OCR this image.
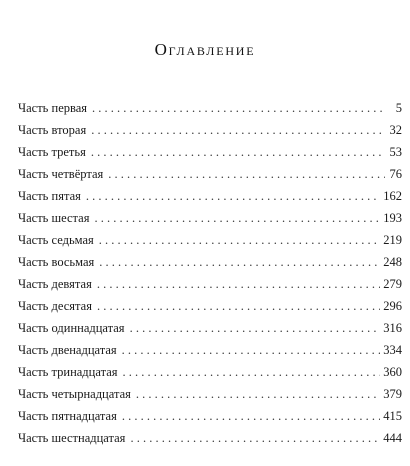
Оглавление
Часть первая . . .	5
Часть вторая . . .	32
Часть третья . . .	53
Часть четвёртая . . .	76
Часть пятая . . .	162
Часть шестая . . .	193
Часть седьмая . . .	219
Часть восьмая . . .	248
Часть девятая . . .	279
Часть десятая . . .	296
Часть одиннадцатая . . .	316
Часть двенадцатая . . .	334
Часть тринадцатая . . .	360
Часть четырнадцатая . . .	379
Часть пятнадцатая . . .	415
Часть шестнадцатая . . .	444
